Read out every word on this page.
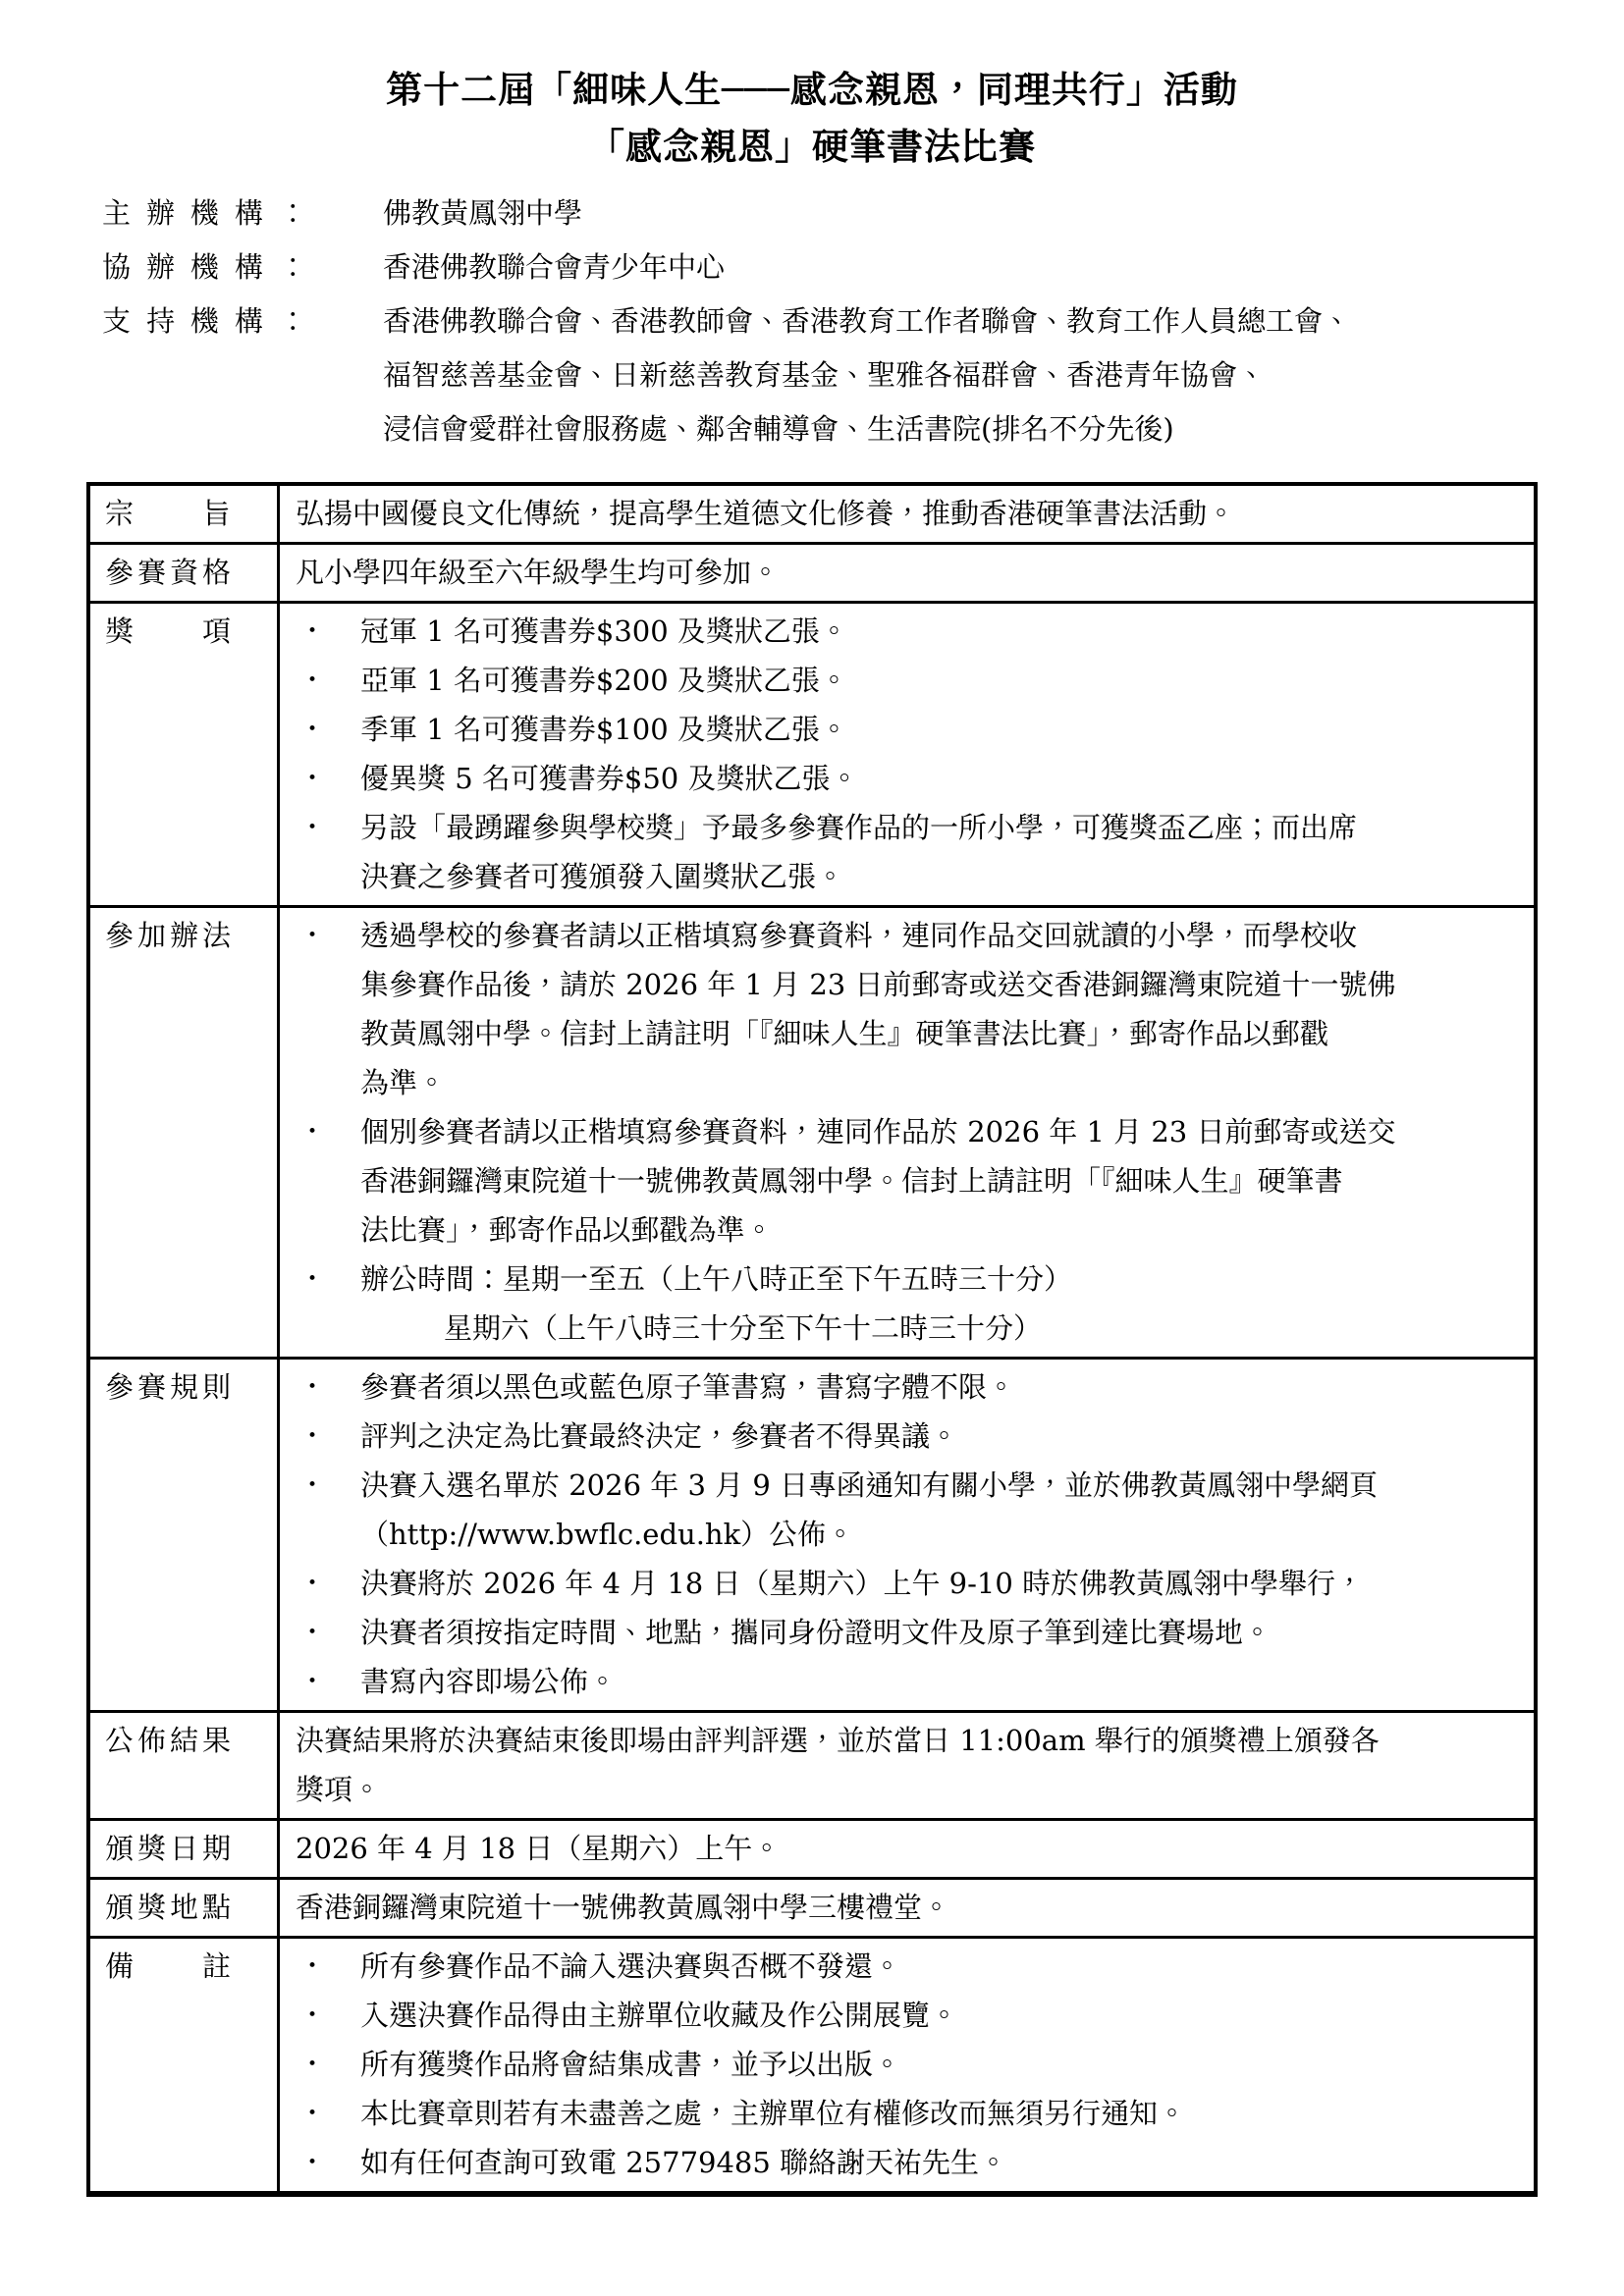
第十二屆「細味人生───感念親恩，同理共行」活動
「感念親恩」硬筆書法比賽
主辦機構：	佛教黃鳳翎中學
協辦機構：	香港佛教聯合會青少年中心
支持機構：	香港佛教聯合會、香港教師會、香港教育工作者聯會、教育工作人員總工會、
福智慈善基金會、日新慈善教育基金、聖雅各福群會、香港青年協會、
浸信會愛群社會服務處、鄰舍輔導會、生活書院(排名不分先後)
宗旨 弘揚中國優良文化傳統，提高學生道德文化修養，推動香港硬筆書法活動。
參賽資格 凡小學四年級至六年級學生均可參加。
獎項	• 冠軍 1 名可獲書券$300 及獎狀乙張。
• 亞軍 1 名可獲書券$200 及獎狀乙張。
• 季軍 1 名可獲書券$100 及獎狀乙張。
• 優異獎 5 名可獲書券$50 及獎狀乙張。
• 另設「最踴躍參與學校獎」予最多參賽作品的一所小學，可獲獎盃乙座；而出席
決賽之參賽者可獲頒發入圍獎狀乙張。
參加辦法	• 透過學校的參賽者請以正楷填寫參賽資料，連同作品交回就讀的小學，而學校收
集參賽作品後，請於 2026 年 1 月 23 日前郵寄或送交香港銅鑼灣東院道十一號佛
教黃鳳翎中學。信封上請註明「『細味人生』硬筆書法比賽」，郵寄作品以郵戳
為準。
• 個別參賽者請以正楷填寫參賽資料，連同作品於 2026 年 1 月 23 日前郵寄或送交
香港銅鑼灣東院道十一號佛教黃鳳翎中學。信封上請註明「『細味人生』硬筆書
法比賽」，郵寄作品以郵戳為準。
• 辦公時間：星期一至五（上午八時正至下午五時三十分）
星期六（上午八時三十分至下午十二時三十分）
參賽規則	• 參賽者須以黑色或藍色原子筆書寫，書寫字體不限。
• 評判之決定為比賽最終決定，參賽者不得異議。
• 決賽入選名單於 2026 年 3 月 9 日專函通知有關小學，並於佛教黃鳳翎中學網頁
（http://www.bwflc.edu.hk）公佈。
• 決賽將於 2026 年 4 月 18 日（星期六）上午 9-10 時於佛教黃鳳翎中學舉行，
• 決賽者須按指定時間、地點，攜同身份證明文件及原子筆到達比賽場地。
• 書寫內容即場公佈。
公佈結果 決賽結果將於決賽結束後即場由評判評選，並於當日 11:00am 舉行的頒獎禮上頒發各
獎項。
頒獎日期 2026 年 4 月 18 日（星期六）上午。
頒獎地點 香港銅鑼灣東院道十一號佛教黃鳳翎中學三樓禮堂。
備註	• 所有參賽作品不論入選決賽與否概不發還。
• 入選決賽作品得由主辦單位收藏及作公開展覽。
• 所有獲獎作品將會結集成書，並予以出版。
• 本比賽章則若有未盡善之處，主辦單位有權修改而無須另行通知。
• 如有任何查詢可致電 25779485 聯絡謝天祐先生。
